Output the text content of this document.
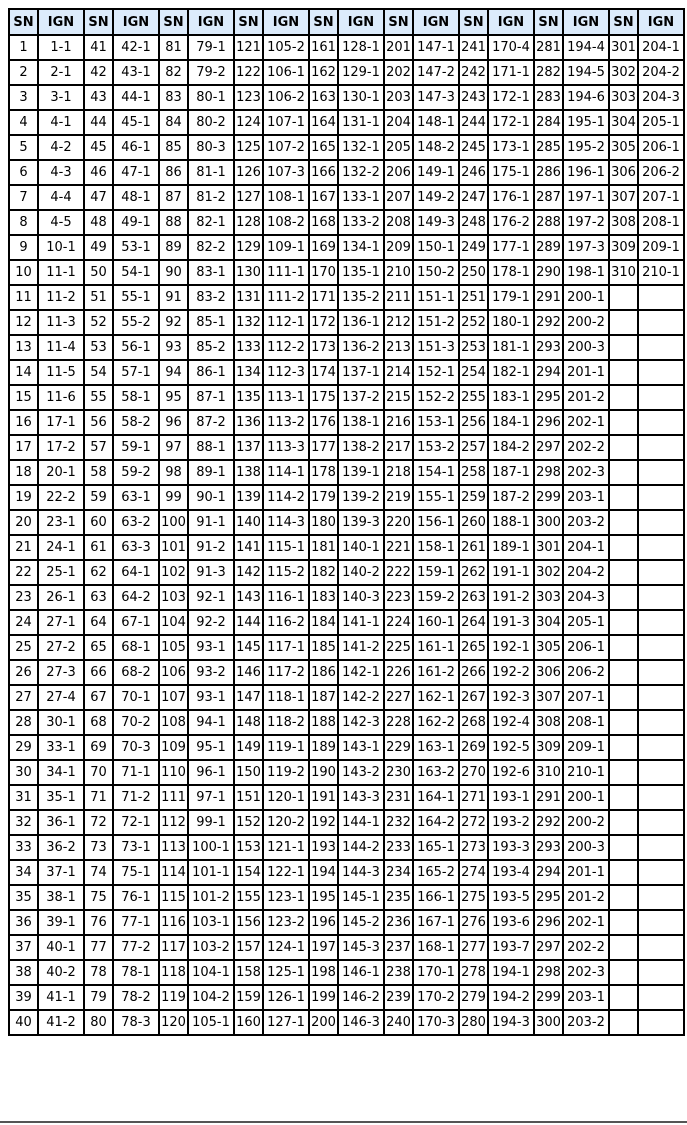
SN	IGN	SN	IGN	SN	IGN	SN	IGN	SN	IGN	SN	IGN	SN	IGN	SN	IGN	SN	IGN
1	1-1	41	42-1	81	79-1	121	105-2	161	128-1	201	147-1	241	170-4	281	194-4	301	204-1
2	2-1	42	43-1	82	79-2	122	106-1	162	129-1	202	147-2	242	171-1	282	194-5	302	204-2
3	3-1	43	44-1	83	80-1	123	106-2	163	130-1	203	147-3	243	172-1	283	194-6	303	204-3
4	4-1	44	45-1	84	80-2	124	107-1	164	131-1	204	148-1	244	172-1	284	195-1	304	205-1
5	4-2	45	46-1	85	80-3	125	107-2	165	132-1	205	148-2	245	173-1	285	195-2	305	206-1
6	4-3	46	47-1	86	81-1	126	107-3	166	132-2	206	149-1	246	175-1	286	196-1	306	206-2
7	4-4	47	48-1	87	81-2	127	108-1	167	133-1	207	149-2	247	176-1	287	197-1	307	207-1
8	4-5	48	49-1	88	82-1	128	108-2	168	133-2	208	149-3	248	176-2	288	197-2	308	208-1
9	10-1	49	53-1	89	82-2	129	109-1	169	134-1	209	150-1	249	177-1	289	197-3	309	209-1
10	11-1	50	54-1	90	83-1	130	111-1	170	135-1	210	150-2	250	178-1	290	198-1	310	210-1
11	11-2	51	55-1	91	83-2	131	111-2	171	135-2	211	151-1	251	179-1	291	200-1		
12	11-3	52	55-2	92	85-1	132	112-1	172	136-1	212	151-2	252	180-1	292	200-2		
13	11-4	53	56-1	93	85-2	133	112-2	173	136-2	213	151-3	253	181-1	293	200-3		
14	11-5	54	57-1	94	86-1	134	112-3	174	137-1	214	152-1	254	182-1	294	201-1		
15	11-6	55	58-1	95	87-1	135	113-1	175	137-2	215	152-2	255	183-1	295	201-2		
16	17-1	56	58-2	96	87-2	136	113-2	176	138-1	216	153-1	256	184-1	296	202-1		
17	17-2	57	59-1	97	88-1	137	113-3	177	138-2	217	153-2	257	184-2	297	202-2		
18	20-1	58	59-2	98	89-1	138	114-1	178	139-1	218	154-1	258	187-1	298	202-3		
19	22-2	59	63-1	99	90-1	139	114-2	179	139-2	219	155-1	259	187-2	299	203-1		
20	23-1	60	63-2	100	91-1	140	114-3	180	139-3	220	156-1	260	188-1	300	203-2		
21	24-1	61	63-3	101	91-2	141	115-1	181	140-1	221	158-1	261	189-1	301	204-1		
22	25-1	62	64-1	102	91-3	142	115-2	182	140-2	222	159-1	262	191-1	302	204-2		
23	26-1	63	64-2	103	92-1	143	116-1	183	140-3	223	159-2	263	191-2	303	204-3		
24	27-1	64	67-1	104	92-2	144	116-2	184	141-1	224	160-1	264	191-3	304	205-1		
25	27-2	65	68-1	105	93-1	145	117-1	185	141-2	225	161-1	265	192-1	305	206-1		
26	27-3	66	68-2	106	93-2	146	117-2	186	142-1	226	161-2	266	192-2	306	206-2		
27	27-4	67	70-1	107	93-1	147	118-1	187	142-2	227	162-1	267	192-3	307	207-1		
28	30-1	68	70-2	108	94-1	148	118-2	188	142-3	228	162-2	268	192-4	308	208-1		
29	33-1	69	70-3	109	95-1	149	119-1	189	143-1	229	163-1	269	192-5	309	209-1		
30	34-1	70	71-1	110	96-1	150	119-2	190	143-2	230	163-2	270	192-6	310	210-1		
31	35-1	71	71-2	111	97-1	151	120-1	191	143-3	231	164-1	271	193-1	291	200-1		
32	36-1	72	72-1	112	99-1	152	120-2	192	144-1	232	164-2	272	193-2	292	200-2		
33	36-2	73	73-1	113	100-1	153	121-1	193	144-2	233	165-1	273	193-3	293	200-3		
34	37-1	74	75-1	114	101-1	154	122-1	194	144-3	234	165-2	274	193-4	294	201-1		
35	38-1	75	76-1	115	101-2	155	123-1	195	145-1	235	166-1	275	193-5	295	201-2		
36	39-1	76	77-1	116	103-1	156	123-2	196	145-2	236	167-1	276	193-6	296	202-1		
37	40-1	77	77-2	117	103-2	157	124-1	197	145-3	237	168-1	277	193-7	297	202-2		
38	40-2	78	78-1	118	104-1	158	125-1	198	146-1	238	170-1	278	194-1	298	202-3		
39	41-1	79	78-2	119	104-2	159	126-1	199	146-2	239	170-2	279	194-2	299	203-1		
40	41-2	80	78-3	120	105-1	160	127-1	200	146-3	240	170-3	280	194-3	300	203-2		
